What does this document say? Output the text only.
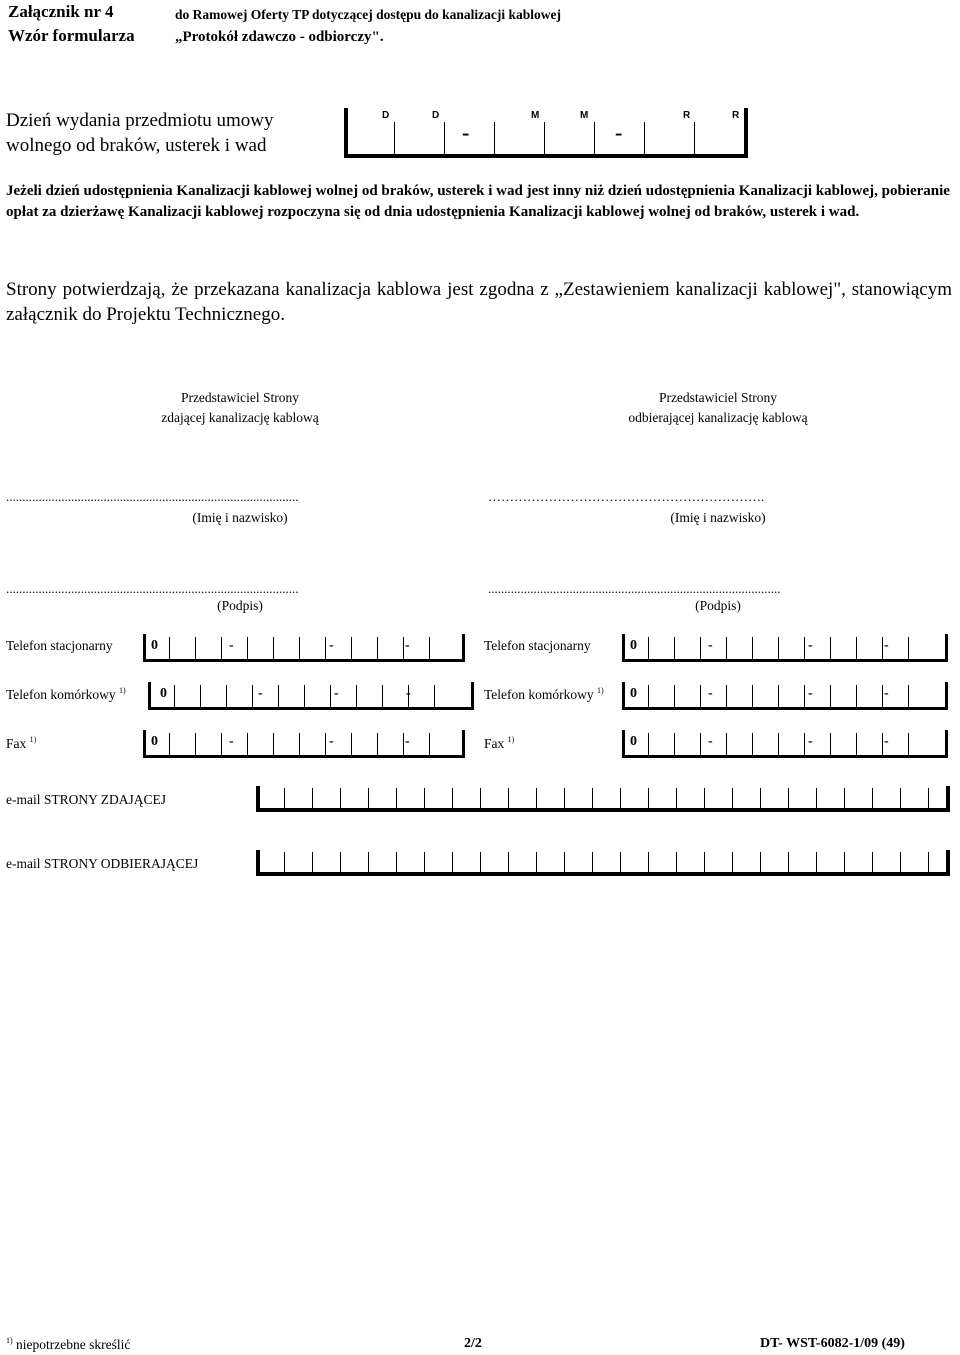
Załącznik nr 4
Wzór formularza
do Ramowej Oferty TP dotyczącej dostępu do kanalizacji kablowej
„Protokół zdawczo - odbiorczy".
Dzień wydania przedmiotu umowy wolnego od braków, usterek i wad
D	D	M	M	R	R
-	-
Jeżeli dzień udostępnienia Kanalizacji kablowej wolnej od braków, usterek i wad jest inny niż dzień udostępnienia Kanalizacji kablowej, pobieranie opłat za dzierżawę Kanalizacji kablowej rozpoczyna się od dnia udostępnienia Kanalizacji kablowej wolnej od braków, usterek i wad.
Strony potwierdzają, że przekazana kanalizacja kablowa jest zgodna z „Zestawieniem kanalizacji kablowej", stanowiącym załącznik do Projektu Technicznego.
Przedstawiciel Strony
zdającej kanalizację kablową
Przedstawiciel Strony
odbierającej kanalizację kablową
..........................................................................................	……………………………………………………….
(Imię i nazwisko)	(Imię i nazwisko)
..........................................................................................	..........................................................................................
(Podpis)	(Podpis)
Telefon stacjonarny	0	-	-	-	Telefon stacjonarny	0	-	-	-
Telefon komórkowy $^{1)}$ 0	-	-	-	Telefon komórkowy $^{1)}$ 0	-	-	-
Fax $^{1)}$	0	-	-	-	Fax $^{1)}$	0	-	-	-
e-mail STRONY ZDAJĄCEJ
e-mail STRONY ODBIERAJĄCEJ
$^{1)}$ niepotrzebne skreślić	2/2	DT- WST-6082-1/09 (49)
